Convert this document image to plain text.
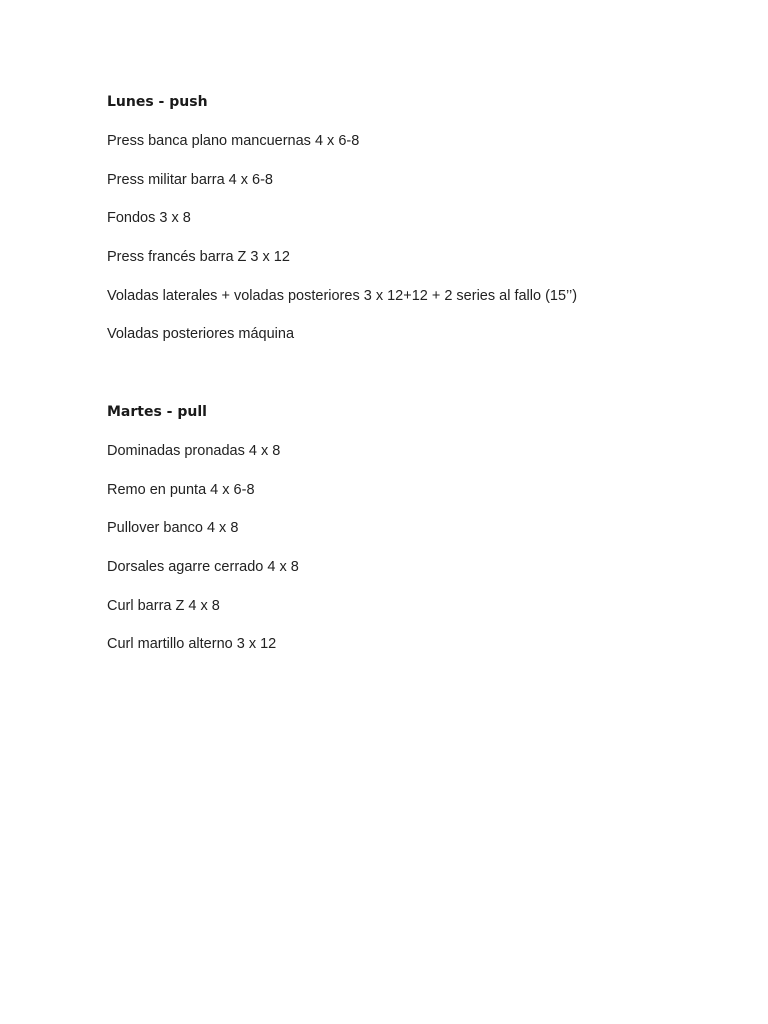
Lunes - push
Press banca plano mancuernas 4 x 6-8
Press militar barra 4 x 6-8
Fondos 3 x 8
Press francés barra Z 3 x 12
Voladas laterales + voladas posteriores 3 x 12+12 + 2 series al fallo (15’’)
Voladas posteriores máquina
Martes - pull
Dominadas pronadas 4 x 8
Remo en punta 4 x 6-8
Pullover banco 4 x 8
Dorsales agarre cerrado 4 x 8
Curl barra Z 4 x 8
Curl martillo alterno 3 x 12
